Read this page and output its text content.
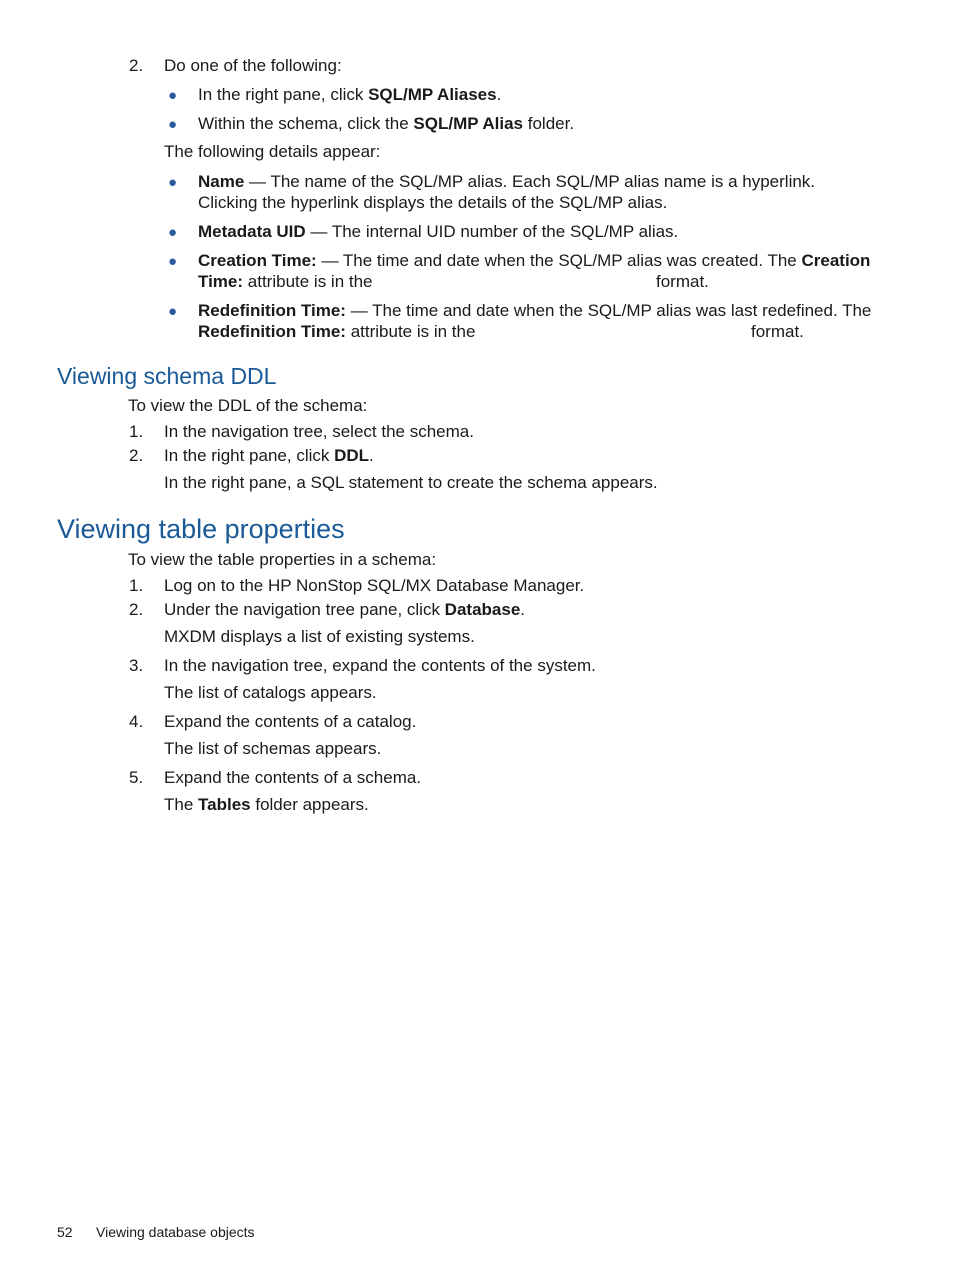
2. Do one of the following:
● In the right pane, click SQL/MP Aliases.
● Within the schema, click the SQL/MP Alias folder.
The following details appear:
● Name — The name of the SQL/MP alias. Each SQL/MP alias name is a hyperlink.
Clicking the hyperlink displays the details of the SQL/MP alias.
● Metadata UID — The internal UID number of the SQL/MP alias.
● Creation Time: — The time and date when the SQL/MP alias was created. The Creation
Time: attribute is in the	format.
● Redefinition Time: — The time and date when the SQL/MP alias was last redefined. The
Redefinition Time: attribute is in the	format.
Viewing schema DDL
To view the DDL of the schema:
1. In the navigation tree, select the schema.
2. In the right pane, click DDL.
In the right pane, a SQL statement to create the schema appears.
Viewing table properties
To view the table properties in a schema:
1. Log on to the HP NonStop SQL/MX Database Manager.
2. Under the navigation tree pane, click Database.
MXDM displays a list of existing systems.
3. In the navigation tree, expand the contents of the system.
The list of catalogs appears.
4. Expand the contents of a catalog.
The list of schemas appears.
5. Expand the contents of a schema.
The Tables folder appears.
52 Viewing database objects
